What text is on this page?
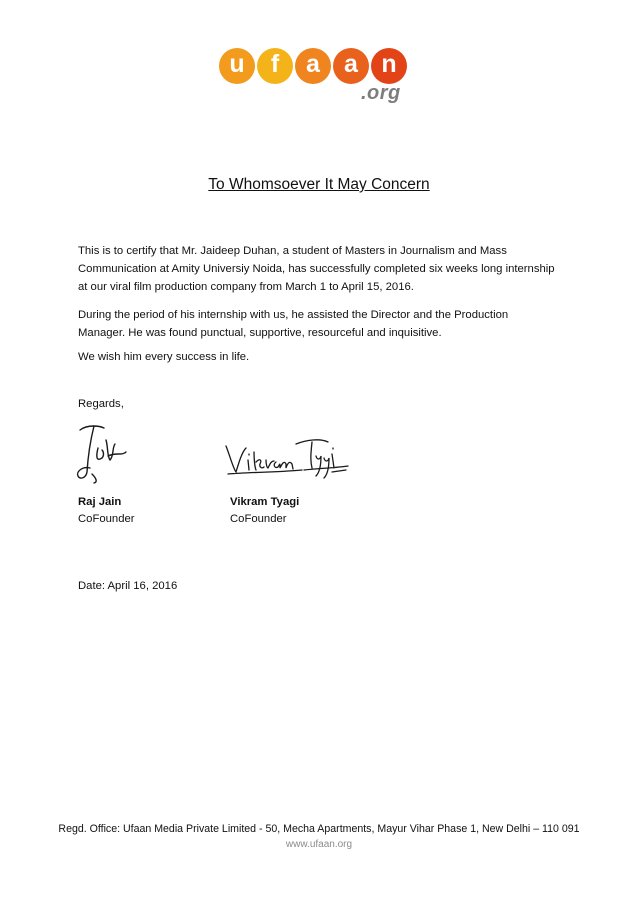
u	f	a a n
.org
To Whomsoever It May Concern
This is to certify that Mr. Jaideep Duhan, a student of Masters in Journalism and Mass Communication at Amity Universiy Noida, has successfully completed six weeks long internship at our viral film production company from March 1 to April 15, 2016.
During the period of his internship with us, he assisted the Director and the Production Manager. He was found punctual, supportive, resourceful and inquisitive.
We wish him every success in life.
Regards,
Raj Jain
CoFounder
Vikram Tyagi
CoFounder
Date: April 16, 2016
Regd. Office: Ufaan Media Private Limited - 50, Mecha Apartments, Mayur Vihar Phase 1, New Delhi – 110 091
www.ufaan.org
